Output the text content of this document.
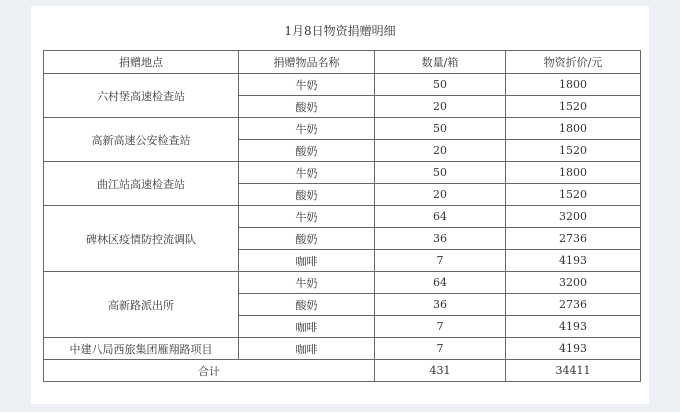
1月8日物资捐赠明细
捐赠地点	捐赠物品名称	数量/箱	物资折价/元
六村堡高速检查站	牛奶	50	1800
	酸奶	20	1520
高新高速公安检查站	牛奶	50	1800
	酸奶	20	1520
曲江站高速检查站	牛奶	50	1800
	酸奶	20	1520
碑林区疫情防控流调队	牛奶	64	3200
	酸奶	36	2736
	咖啡	7	4193
高新路派出所	牛奶	64	3200
	酸奶	36	2736
	咖啡	7	4193
中建八局西旅集团雁翔路项目	咖啡	7	4193
合计		431	34411
